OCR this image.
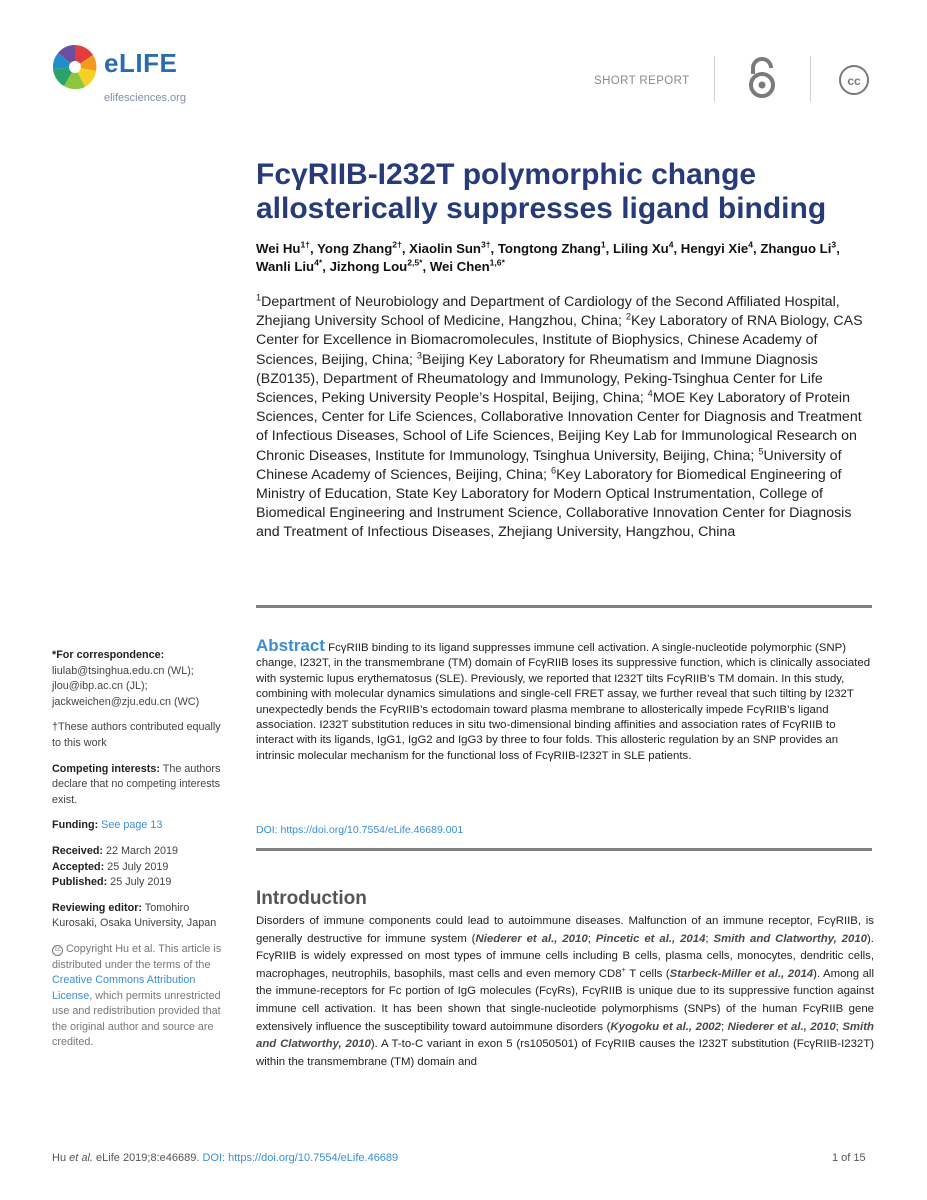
eLIFE
elifesciences.org
SHORT REPORT	cc
FcγRIIB-I232T polymorphic change allosterically suppresses ligand binding
Wei $Hu^{1\dagger}$, Yong Zhang$^{2\dagger}$, Xiaolin Sun$^{3\dagger}$, Tongtong Zhang$^1$, Liling Xu$^4$, Hengyi Xie$^4$, Zhanguo Li$^3$, Wanli Liu$^{4*}$, Jizhong Lou$^{2,5*}$, Wei Chen$^{1,6*}$
$^1$Department of Neurobiology and Department of Cardiology of the Second Affiliated Hospital, Zhejiang University School of Medicine, Hangzhou, China; $^2$Key Laboratory of RNA Biology, CAS Center for Excellence in Biomacromolecules, Institute of Biophysics, Chinese Academy of Sciences, Beijing, China; $^3$Beijing Key Laboratory for Rheumatism and Immune Diagnosis (BZ0135), Department of Rheumatology and Immunology, Peking-Tsinghua Center for Life Sciences, Peking University People’s Hospital, Beijing, China; $^4$MOE Key Laboratory of Protein Sciences, Center for Life Sciences, Collaborative Innovation Center for Diagnosis and Treatment of Infectious Diseases, School of Life Sciences, Beijing Key Lab for Immunological Research on Chronic Diseases, Institute for Immunology, Tsinghua University, Beijing, China; $^5$University of Chinese Academy of Sciences, Beijing, China; $^6$Key Laboratory for Biomedical Engineering of Ministry of Education, State Key Laboratory for Modern Optical Instrumentation, College of Biomedical Engineering and Instrument Science, Collaborative Innovation Center for Diagnosis and Treatment of Infectious Diseases, Zhejiang University, Hangzhou, China
*For correspondence:
liulab@tsinghua.edu.cn (WL);
jlou@ibp.ac.cn (JL);
jackweichen@zju.edu.cn (WC)
†These authors contributed equally to this work
Competing interests: The authors declare that no competing interests exist.
Funding: See page 13
Received: 22 March 2019
Accepted: 25 July 2019
Published: 25 July 2019
Reviewing editor: Tomohiro Kurosaki, Osaka University, Japan
cc Copyright Hu et al. This article is distributed under the terms of the Creative Commons Attribution License, which permits unrestricted use and redistribution provided that the original author and source are credited.
Abstract FcγRIIB binding to its ligand suppresses immune cell activation. A single-nucleotide polymorphic (SNP) change, I232T, in the transmembrane (TM) domain of FcγRIIB loses its suppressive function, which is clinically associated with systemic lupus erythematosus (SLE). Previously, we reported that I232T tilts FcγRIIB’s TM domain. In this study, combining with molecular dynamics simulations and single-cell FRET assay, we further reveal that such tilting by I232T unexpectedly bends the FcγRIIB’s ectodomain toward plasma membrane to allosterically impede FcγRIIB’s ligand association. I232T substitution reduces in situ two-dimensional binding affinities and association rates of FcγRIIB to interact with its ligands, IgG1, IgG2 and IgG3 by three to four folds. This allosteric regulation by an SNP provides an intrinsic molecular mechanism for the functional loss of FcγRIIB-I232T in SLE patients.
DOI: https://doi.org/10.7554/eLife.46689.001
Introduction
Disorders of immune components could lead to autoimmune diseases. Malfunction of an immune receptor, FcγRIIB, is generally destructive for immune system (Niederer et al., 2010; Pincetic et al., 2014; Smith and Clatworthy, 2010). FcγRIIB is widely expressed on most types of immune cells including B cells, plasma cells, monocytes, dendritic cells, macrophages, neutrophils, basophils, mast cells and even memory CD8+ T cells (Starbeck-Miller et al., 2014). Among all the immune-receptors for Fc portion of IgG molecules (FcγRs), FcγRIIB is unique due to its suppressive function against immune cell activation. It has been shown that single-nucleotide polymorphisms (SNPs) of the human FcγRIIB gene extensively influence the susceptibility toward autoimmune disorders (Kyogoku et al., 2002; Niederer et al., 2010; Smith and Clatworthy, 2010). A T-to-C variant in exon 5 (rs1050501) of FcγRIIB causes the I232T substitution (FcγRIIB-I232T) within the transmembrane (TM) domain and
Hu et al. eLife 2019;8:e46689. DOI: https://doi.org/10.7554/eLife.46689	1 of 15
